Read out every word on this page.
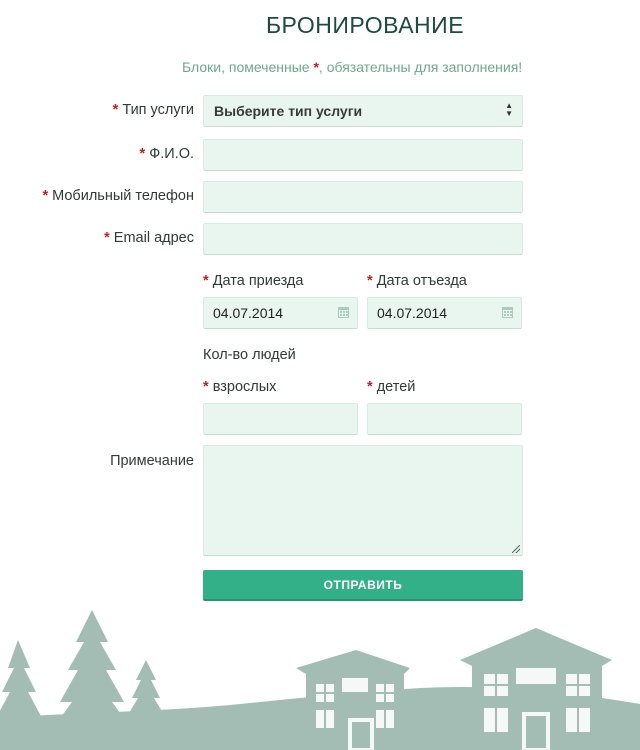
БРОНИРОВАНИЕ
Блоки, помеченные *, обязательны для заполнения!
* Тип услуги	Выберите тип услуги	▲
▼
* Ф.И.О.
* Мобильный телефон
* Email адрес
* Дата приезда	* Дата отъезда
04.07.2014	04.07.2014
Кол-во людей
* взрослых	* детей
Примечание
ОТПРАВИТЬ
